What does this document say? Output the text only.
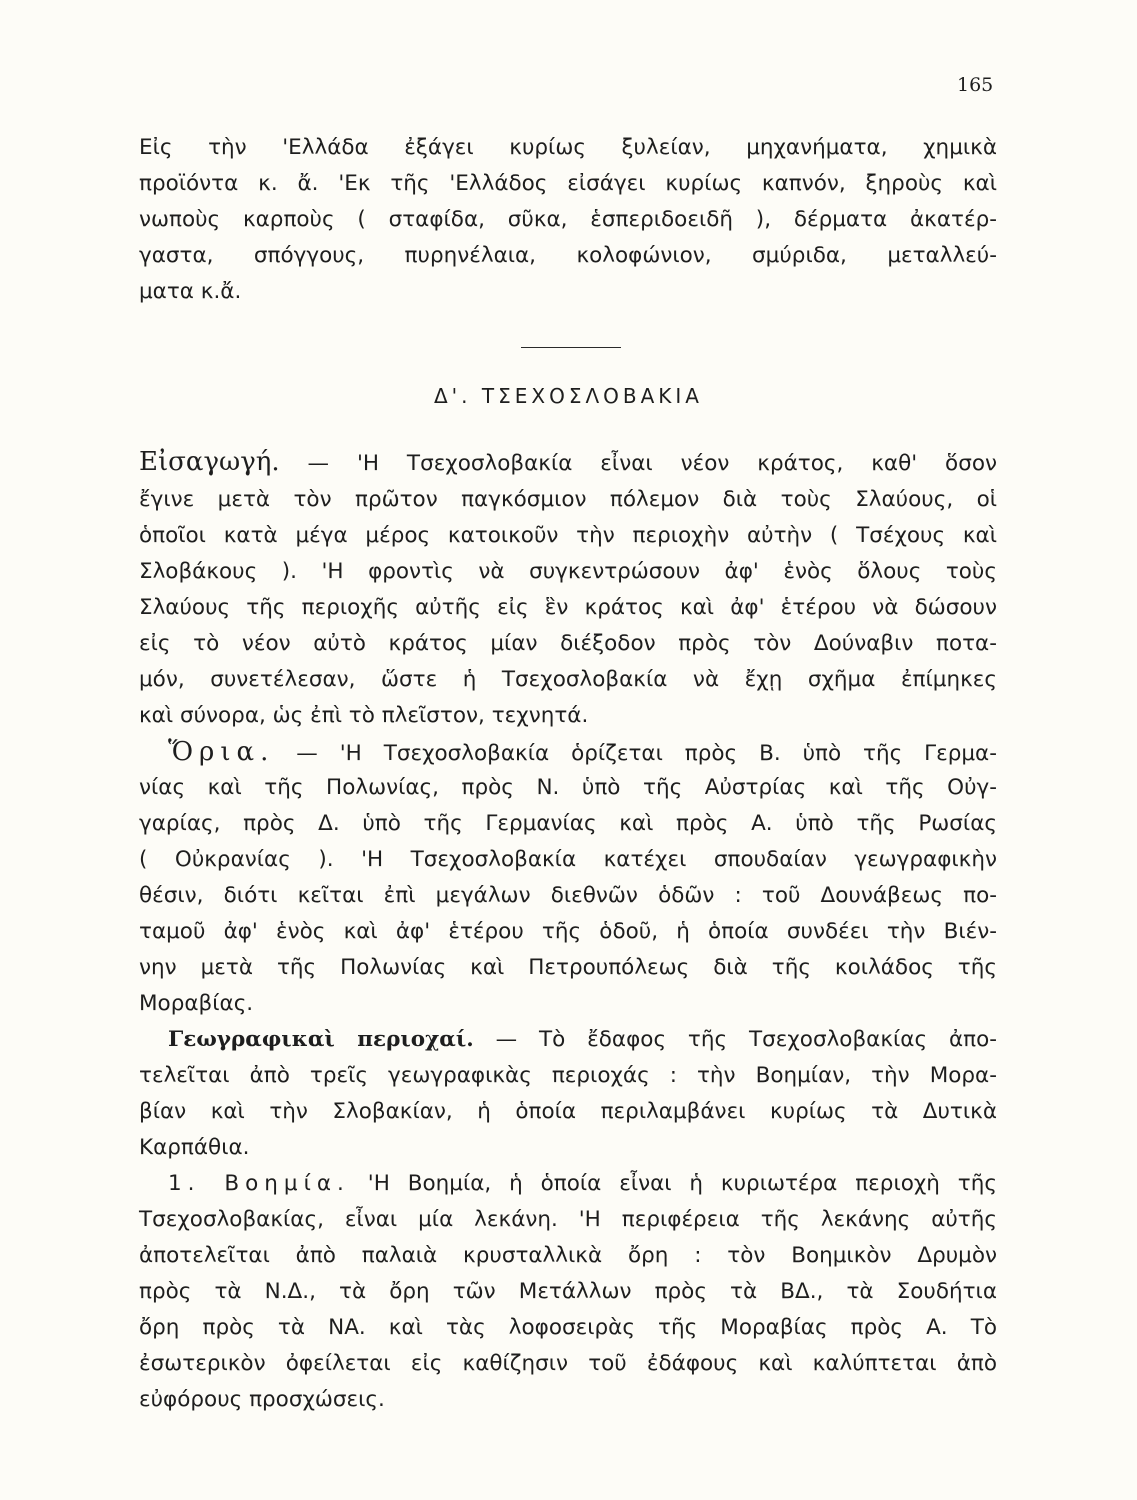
165

Εἰς τὴν 'Ελλάδα ἐξάγει κυρίως ξυλείαν, μηχανήματα, χημικὰ

προϊόντα κ. ἄ. 'Εκ τῆς 'Ελλάδος εἰσάγει κυρίως καπνόν, ξηροὺς καὶ

νωποὺς καρποὺς ( σταφίδα, σῦκα, ἑσπεριδοειδῆ ), δέρματα ἀκατέρ-

γαστα, σπόγγους, πυρηνέλαια, κολοφώνιον, σμύριδα, μεταλλεύ-

ματα κ.ἄ.

Δ'. ΤΣΕΧΟΣΛΟΒΑΚΙΑ

Εἰσαγωγή. — 'Η Τσεχοσλοβακία εἶναι νέον κράτος, καθ' ὅσον

ἔγινε μετὰ τὸν πρῶτον παγκόσμιον πόλεμον διὰ τοὺς Σλαύους, οἱ

ὁποῖοι κατὰ μέγα μέρος κατοικοῦν τὴν περιοχὴν αὐτὴν ( Τσέχους καὶ

Σλοβάκους ). 'Η φροντὶς νὰ συγκεντρώσουν ἀφ' ἑνὸς ὅλους τοὺς

Σλαύους τῆς περιοχῆς αὐτῆς εἰς ἓν κράτος καὶ ἀφ' ἑτέρου νὰ δώσουν

εἰς τὸ νέον αὐτὸ κράτος μίαν διέξοδον πρὸς τὸν Δούναβιν ποτα-

μόν, συνετέλεσαν, ὥστε ἡ Τσεχοσλοβακία νὰ ἔχῃ σχῆμα ἐπίμηκες

καὶ σύνορα, ὡς ἐπὶ τὸ πλεῖστον, τεχνητά.

Ὅρια. — 'Η Τσεχοσλοβακία ὁρίζεται πρὸς Β. ὑπὸ τῆς Γερμα-

νίας καὶ τῆς Πολωνίας, πρὸς Ν. ὑπὸ τῆς Αὐστρίας καὶ τῆς Οὐγ-

γαρίας, πρὸς Δ. ὑπὸ τῆς Γερμανίας καὶ πρὸς Α. ὑπὸ τῆς Ρωσίας

( Οὐκρανίας ). 'Η Τσεχοσλοβακία κατέχει σπουδαίαν γεωγραφικὴν

θέσιν, διότι κεῖται ἐπὶ μεγάλων διεθνῶν ὁδῶν : τοῦ Δουνάβεως πο-

ταμοῦ ἀφ' ἑνὸς καὶ ἀφ' ἑτέρου τῆς ὁδοῦ, ἡ ὁποία συνδέει τὴν Βιέν-

νην μετὰ τῆς Πολωνίας καὶ Πετρουπόλεως διὰ τῆς κοιλάδος τῆς

Μοραβίας.

Γεωγραφικαὶ περιοχαί. — Τὸ ἔδαφος τῆς Τσεχοσλοβακίας ἀπο-

τελεῖται ἀπὸ τρεῖς γεωγραφικὰς περιοχάς : τὴν Βοημίαν, τὴν Μορα-

βίαν καὶ τὴν Σλοβακίαν, ἡ ὁποία περιλαμβάνει κυρίως τὰ Δυτικὰ

Καρπάθια.

1. Βοημία. 'Η Βοημία, ἡ ὁποία εἶναι ἡ κυριωτέρα περιοχὴ τῆς

Τσεχοσλοβακίας, εἶναι μία λεκάνη. 'Η περιφέρεια τῆς λεκάνης αὐτῆς

ἀποτελεῖται ἀπὸ παλαιὰ κρυσταλλικὰ ὄρη : τὸν Βοημικὸν Δρυμὸν

πρὸς τὰ Ν.Δ., τὰ ὄρη τῶν Μετάλλων πρὸς τὰ ΒΔ., τὰ Σουδήτια

ὄρη πρὸς τὰ ΝΑ. καὶ τὰς λοφοσειρὰς τῆς Μοραβίας πρὸς Α. Τὸ

ἐσωτερικὸν ὀφείλεται εἰς καθίζησιν τοῦ ἐδάφους καὶ καλύπτεται ἀπὸ

εὐφόρους προσχώσεις.
